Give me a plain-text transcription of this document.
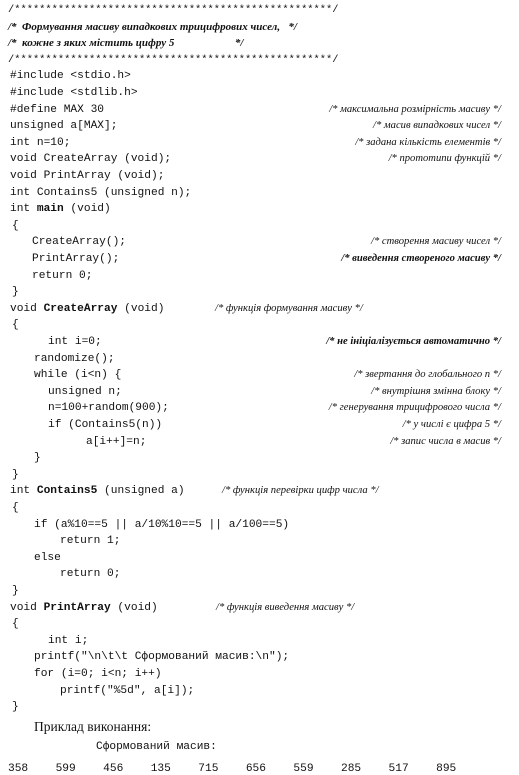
/***************************************************/
/*  Формування масиву випадкових трицифрових чисел,   */
/*  кожне з яких містить цифру 5                      */
/***************************************************/
#include <stdio.h>
#include <stdlib.h>

#define MAX 30

	/* максимальна розмірність масиву */

unsigned a[MAX];

	/* масив випадкових чисел */

int n=10;

	/* задана кількість елементів */

void CreateArray (void);

	/* прототипи функцій */

void PrintArray (void);
int Contains5 (unsigned n);

int main (void)

{

CreateArray();

	/* створення масиву чисел */

PrintArray();

	/* виведення створеного масиву */

return 0;
}

void CreateArray (void)

	/* функція формування масиву */

{

int i=0;

	/* не ініціалізується автоматично */

randomize();

while (i<n) {

	/* звертання до глобального n */

unsigned n;

	/* внутрішня змінна блоку */

n=100+random(900);

	/* генерування трицифрового числа */

if (Contains5(n))

	/* у числі є цифра 5 */

a[i++]=n;

	/* запис числа в масив */

}
}

int Contains5 (unsigned a)

	/* функція перевірки цифр числа */

{
if (a%10==5 || a/10%10==5 || a/100==5)
return 1;
else
return 0;
}
Приклад виконання:
Сформований масив:
358  599  456  135  715  656  559  285  517  895
void PrintArray (void)	/* функція виведення масиву */
{
int i;
printf("\n\t\t Сформований масив:\n");
for (i=0; i<n; i++)
printf("%5d", a[i]);
}
